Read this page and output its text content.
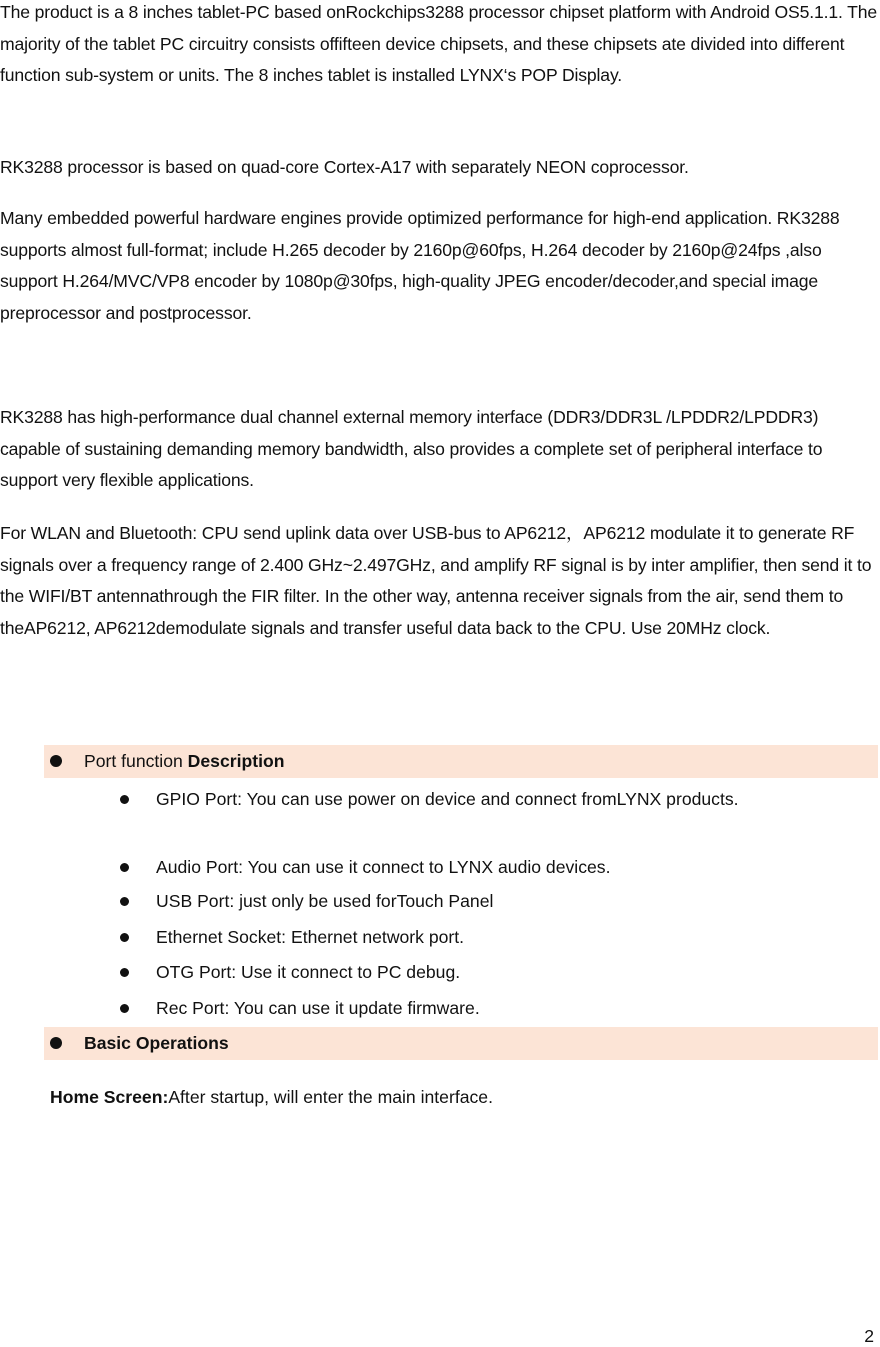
The product is a 8 inches tablet-PC based onRockchips3288 processor chipset platform with Android OS5.1.1. The majority of the tablet PC circuitry consists offifteen device chipsets, and these chipsets ate divided into different function sub-system or units. The 8 inches tablet is installed LYNX‘s POP Display.

RK3288 processor is based on quad-core Cortex-A17 with separately NEON coprocessor.

Many embedded powerful hardware engines provide optimized performance for high-end application. RK3288 supports almost full-format; include H.265 decoder by 2160p@60fps, H.264 decoder by 2160p@24fps ,also support H.264/MVC/VP8 encoder by 1080p@30fps, high-quality JPEG encoder/decoder,and special image preprocessor and postprocessor.

RK3288 has high-performance dual channel external memory interface (DDR3/DDR3L /LPDDR2/LPDDR3) capable of sustaining demanding memory bandwidth, also provides a complete set of peripheral interface to support very flexible applications.

For WLAN and Bluetooth: CPU send uplink data over USB-bus to AP6212，AP6212 modulate it to generate RF signals over a frequency range of 2.400 GHz~2.497GHz, and amplify RF signal is by inter amplifier, then send it to the WIFI/BT antennathrough the FIR filter. In the other way, antenna receiver signals from the air, send them to theAP6212, AP6212demodulate signals and transfer useful data back to the CPU. Use 20MHz clock.

Port function Description
GPIO Port: You can use power on device and connect fromLYNX products.
Audio Port: You can use it connect to LYNX audio devices.
USB Port: just only be used forTouch Panel
Ethernet Socket: Ethernet network port.
OTG Port: Use it connect to PC debug.
Rec Port: You can use it update firmware.
Basic Operations
Home Screen:After startup, will enter the main interface.
2
